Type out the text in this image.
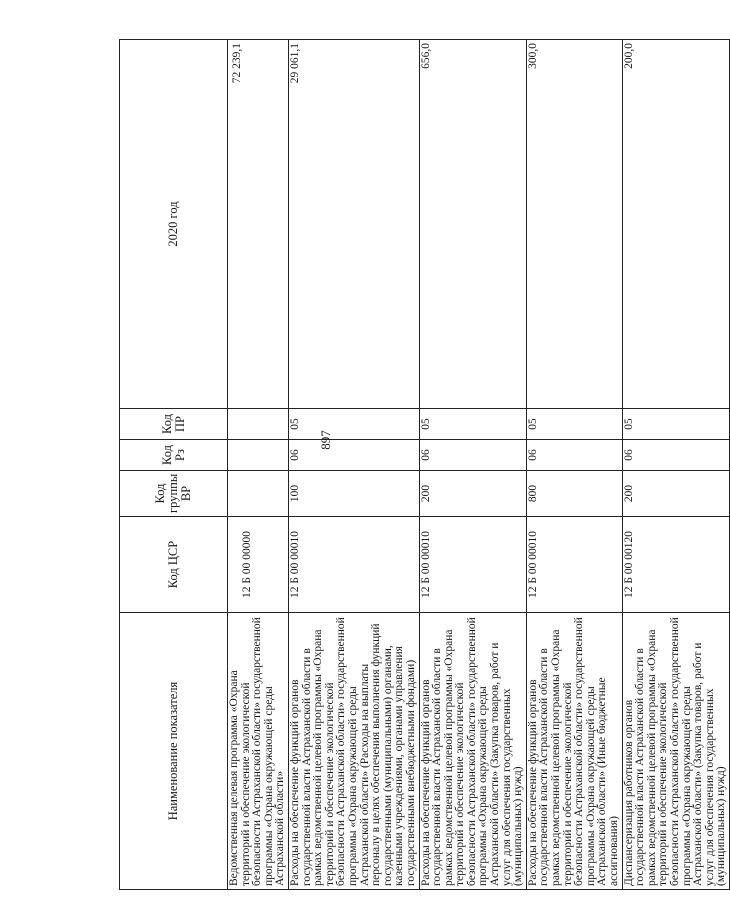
897
Наименование показателя	Код ЦСР	Код группы ВР	Код Рз	Код ПР	2020 год
Ведомственная целевая программа «Охрана территорий и обеспечение экологической безопасности Астраханской области» государственной программы «Охрана окружающей среды Астраханской области»	12 Б 00 00000				72 239,1
Расходы на обеспечение функций органов государственной власти Астраханской области в рамках ведомственной целевой программы «Охрана территорий и обеспечение экологической безопасности Астраханской области» государственной программы «Охрана окружающей среды Астраханской области» (Расходы на выплаты персоналу в целях обеспечения выполнения функций государственными (муниципальными) органами, казенными учреждениями, органами управления государственными внебюджетными фондами)	12 Б 00 00010	100	06	05	29 061,1
Расходы на обеспечение функций органов государственной власти Астраханской области в рамках ведомственной целевой программы «Охрана территорий и обеспечение экологической безопасности Астраханской области» государственной программы «Охрана окружающей среды Астраханской области» (Закупка товаров, работ и услуг для обеспечения государственных (муниципальных) нужд)	12 Б 00 00010	200	06	05	656,0
Расходы на обеспечение функций органов государственной власти Астраханской области в рамках ведомственной целевой программы «Охрана территорий и обеспечение экологической безопасности Астраханской области» государственной программы «Охрана окружающей среды Астраханской области» (Иные бюджетные ассигнования)	12 Б 00 00010	800	06	05	300,0
Диспансеризация работников органов государственной власти Астраханской области в рамках ведомственной целевой программы «Охрана территорий и обеспечение экологической безопасности Астраханской области» государственной программы «Охрана окружающей среды Астраханской области» (Закупка товаров, работ и услуг для обеспечения государственных (муниципальных) нужд)	12 Б 00 00120	200	06	05	200,0
